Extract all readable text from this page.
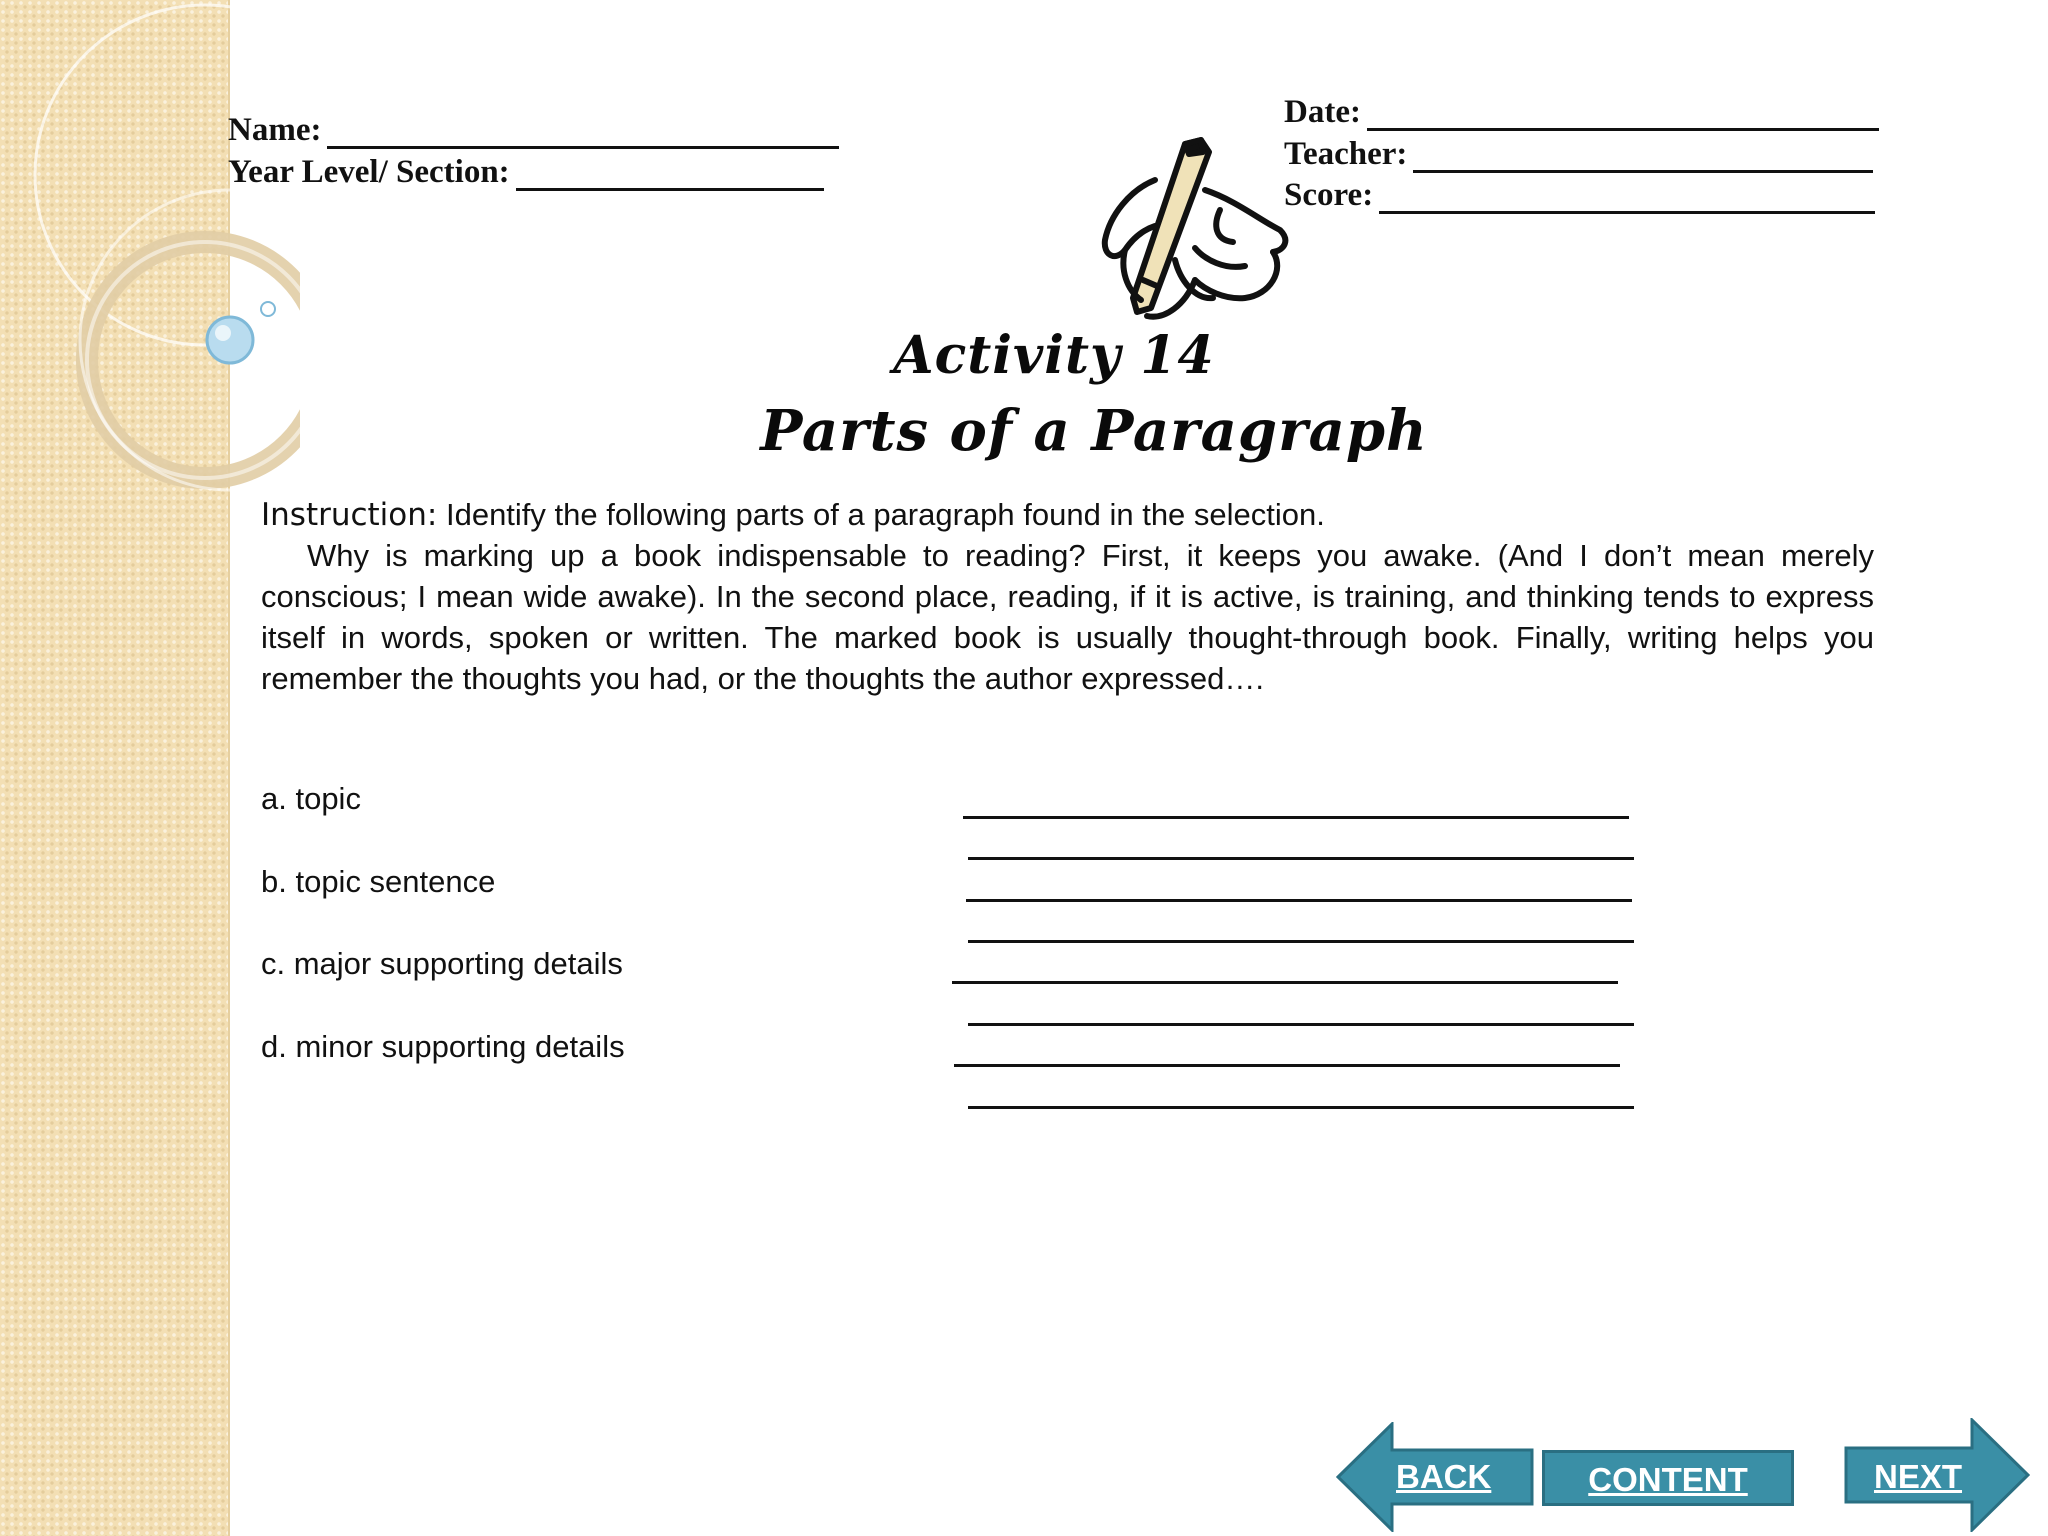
Name:
Year Level/ Section:
Date:
Teacher:
Score:
Activity 14
Parts of a Paragraph
Instruction: Identify the following parts of a paragraph found in the selection.
Why is marking up a book indispensable to reading? First, it keeps you awake. (And I don’t mean merely conscious; I mean wide awake). In the second place, reading, if it is active, is training, and thinking tends to express itself in words, spoken or written. The marked book is usually thought-through book. Finally, writing helps you remember the thoughts you had, or the thoughts the author expressed….
a. topic
b. topic sentence
c. major supporting details
d. minor supporting details
BACK	CONTENT	NEXT
